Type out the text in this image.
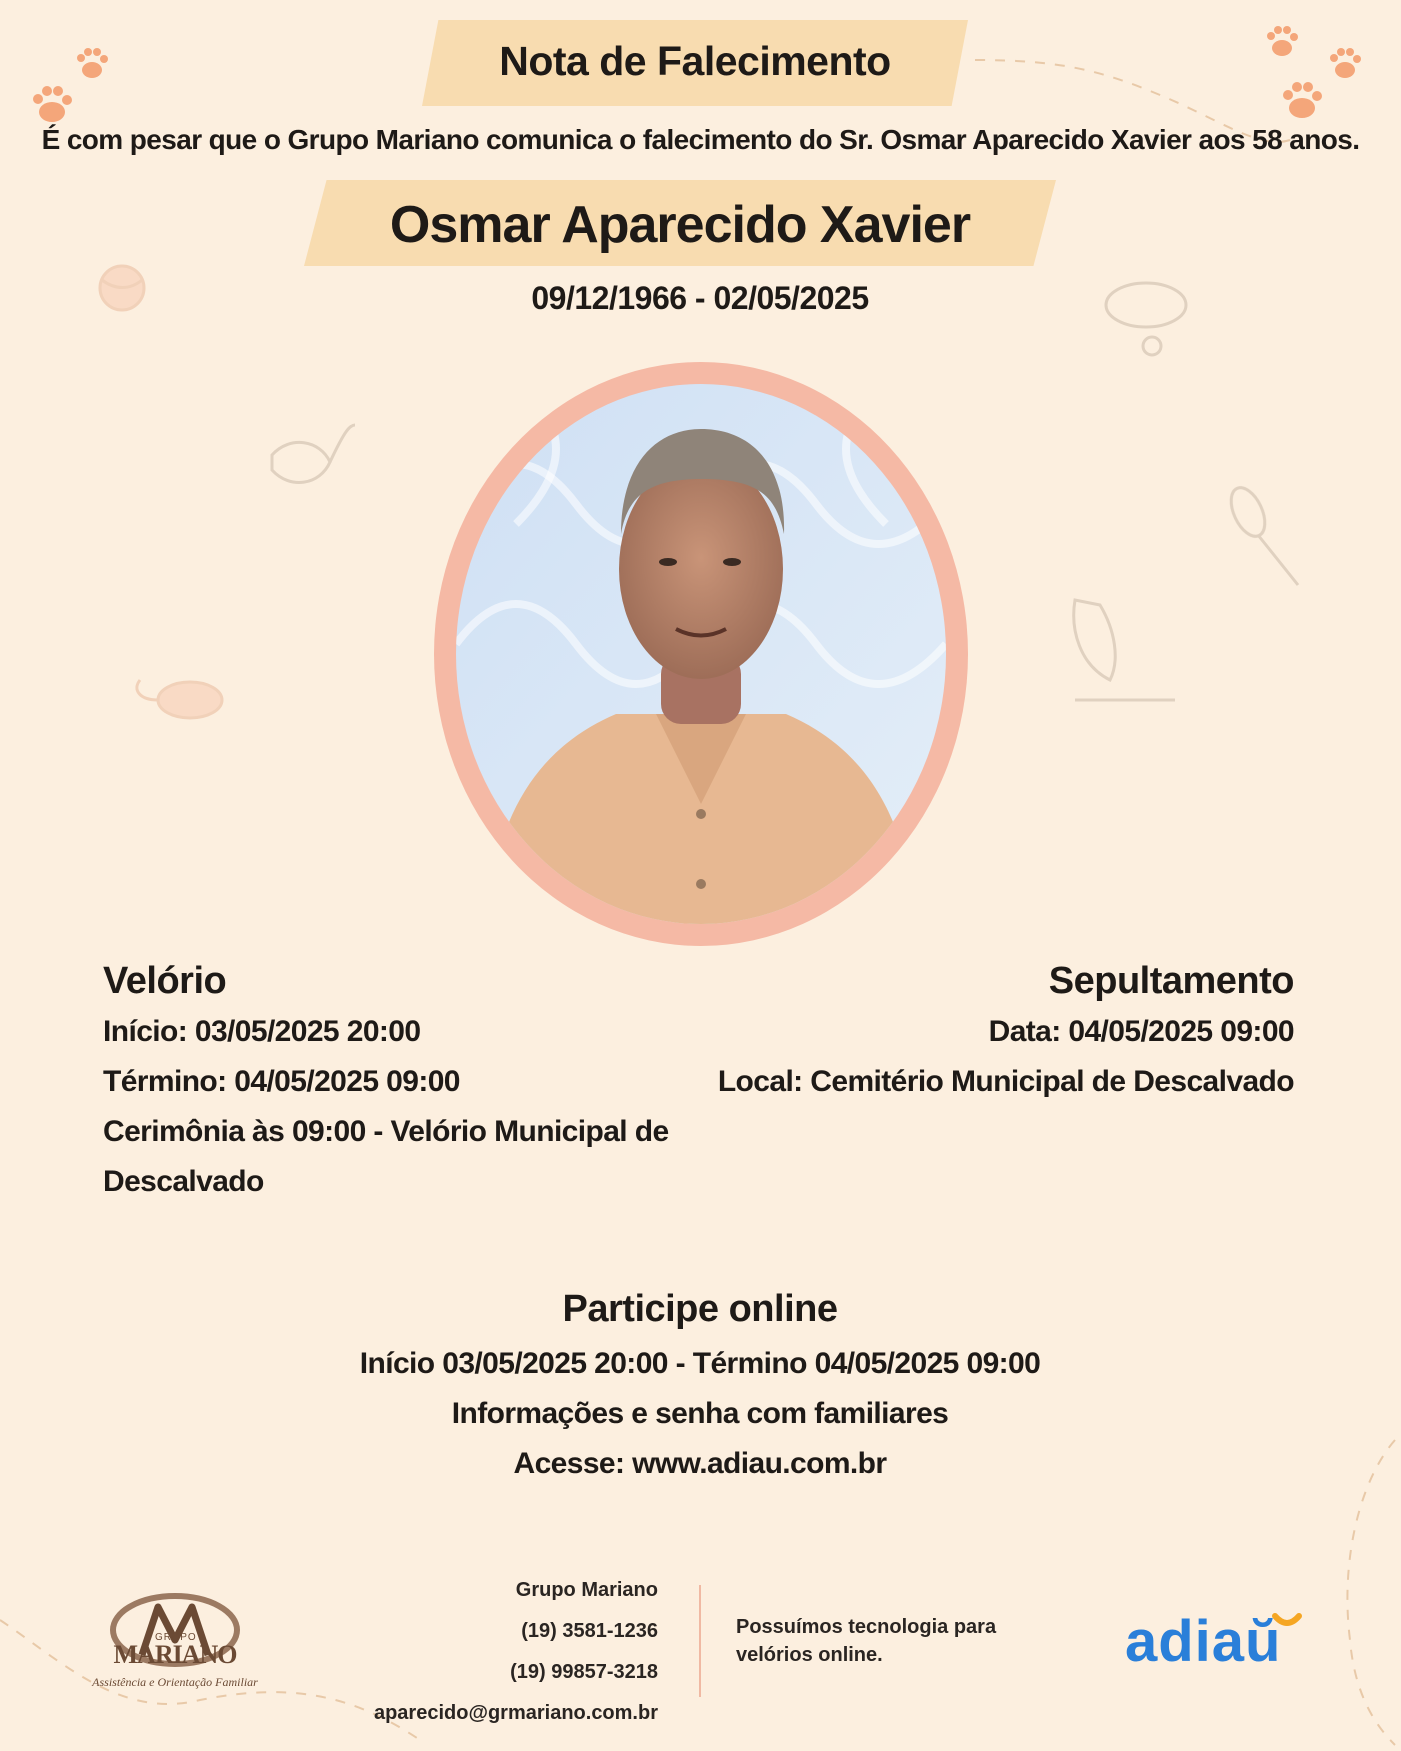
Nota de Falecimento
É com pesar que o Grupo Mariano comunica o falecimento do Sr. Osmar Aparecido Xavier aos 58 anos.
Osmar Aparecido Xavier
09/12/1966 - 02/05/2025
Velório
Início: 03/05/2025 20:00
Término: 04/05/2025 09:00
Cerimônia às 09:00 - Velório Municipal de
Descalvado
Sepultamento
Data: 04/05/2025 09:00
Local: Cemitério Municipal de Descalvado
Participe online
Início 03/05/2025 20:00 - Término 04/05/2025 09:00
Informações e senha com familiares
Acesse: www.adiau.com.br
GRUPO
MARIANO
Assistência e Orientação Familiar
Grupo Mariano
(19) 3581-1236
(19) 99857-3218
aparecido@grmariano.com.br
Possuímos tecnologia para velórios online.	adiaŭ
